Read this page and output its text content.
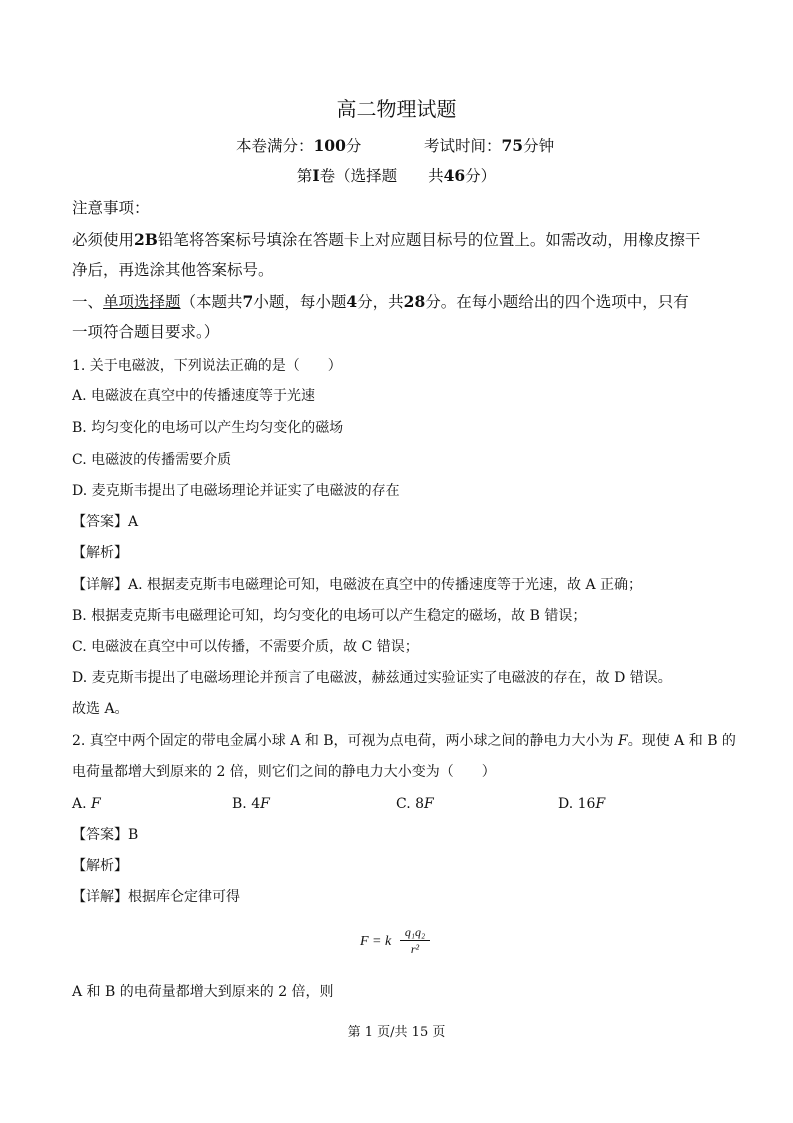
高二物理试题
本卷满分：100分	考试时间：75分钟
第I卷（选择题　　共46分）
注意事项：
必须使用2B铅笔将答案标号填涂在答题卡上对应题目标号的位置上。如需改动，用橡皮擦干
净后，再选涂其他答案标号。
一、单项选择题（本题共7小题，每小题4分，共28分。在每小题给出的四个选项中，只有
一项符合题目要求。）
1. 关于电磁波，下列说法正确的是（　　）
A. 电磁波在真空中的传播速度等于光速
B. 均匀变化的电场可以产生均匀变化的磁场
C. 电磁波的传播需要介质
D. 麦克斯韦提出了电磁场理论并证实了电磁波的存在
【答案】A
【解析】
【详解】A. 根据麦克斯韦电磁理论可知，电磁波在真空中的传播速度等于光速，故 A 正确；
B. 根据麦克斯韦电磁理论可知，均匀变化的电场可以产生稳定的磁场，故 B 错误；
C. 电磁波在真空中可以传播，不需要介质，故 C 错误；
D. 麦克斯韦提出了电磁场理论并预言了电磁波，赫兹通过实验证实了电磁波的存在，故 D 错误。
故选 A。
2. 真空中两个固定的带电金属小球 A 和 B，可视为点电荷，两小球之间的静电力大小为 F。现使 A 和 B 的
电荷量都增大到原来的 2 倍，则它们之间的静电力大小变为（　　）
A. F	B. 4F	C. 8F	D. 16F
【答案】B
【解析】
【详解】根据库仑定律可得
F = k
q₁q₂
r²
A 和 B 的电荷量都增大到原来的 2 倍，则
第 1 页/共 15 页
